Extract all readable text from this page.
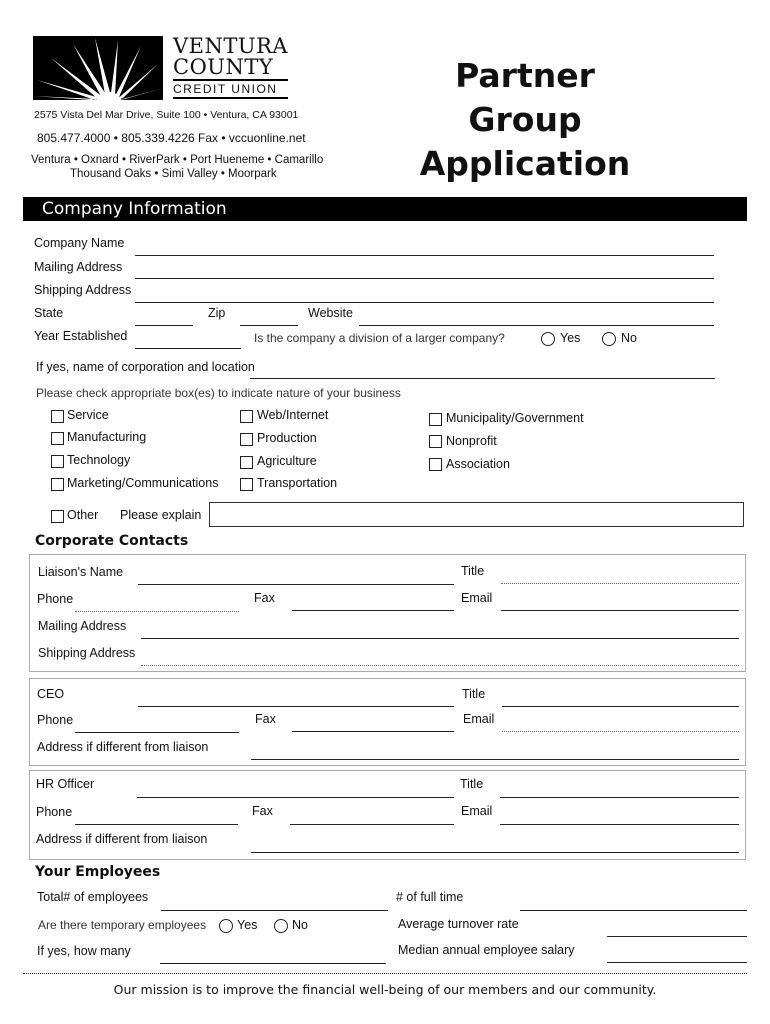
VENTURA
COUNTY
CREDIT UNION
2575 Vista Del Mar Drive, Suite 100 • Ventura, CA 93001
805.477.4000 • 805.339.4226 Fax • vccuonline.net
Ventura • Oxnard • RiverPark • Port Hueneme • Camarillo
Thousand Oaks • Simi Valley • Moorpark
Partner Group
Application
Company Information
Company Name
Mailing Address
Shipping Address
State	Zip	Website
Year Established	Is the company a division of a larger company?	Yes	No
If yes, name of corporation and location
Please check appropriate box(es) to indicate nature of your business
Service
Manufacturing
Technology
Marketing/Communications
Web/Internet
Production
Agriculture
Transportation
Municipality/Government
Nonprofit
Association
Other Please explain
Corporate Contacts
Liaison's Name	Title
Phone	Fax	Email
Mailing Address
Shipping Address
CEO	Title
Phone	Fax	Email
Address if different from liaison
HR Officer	Title
Phone	Fax	Email
Address if different from liaison
Your Employees
Total# of employees	# of full time
Are there temporary employees Yes	No	Average turnover rate
If yes, how many	Median annual employee salary
Our mission is to improve the financial well-being of our members and our community.
